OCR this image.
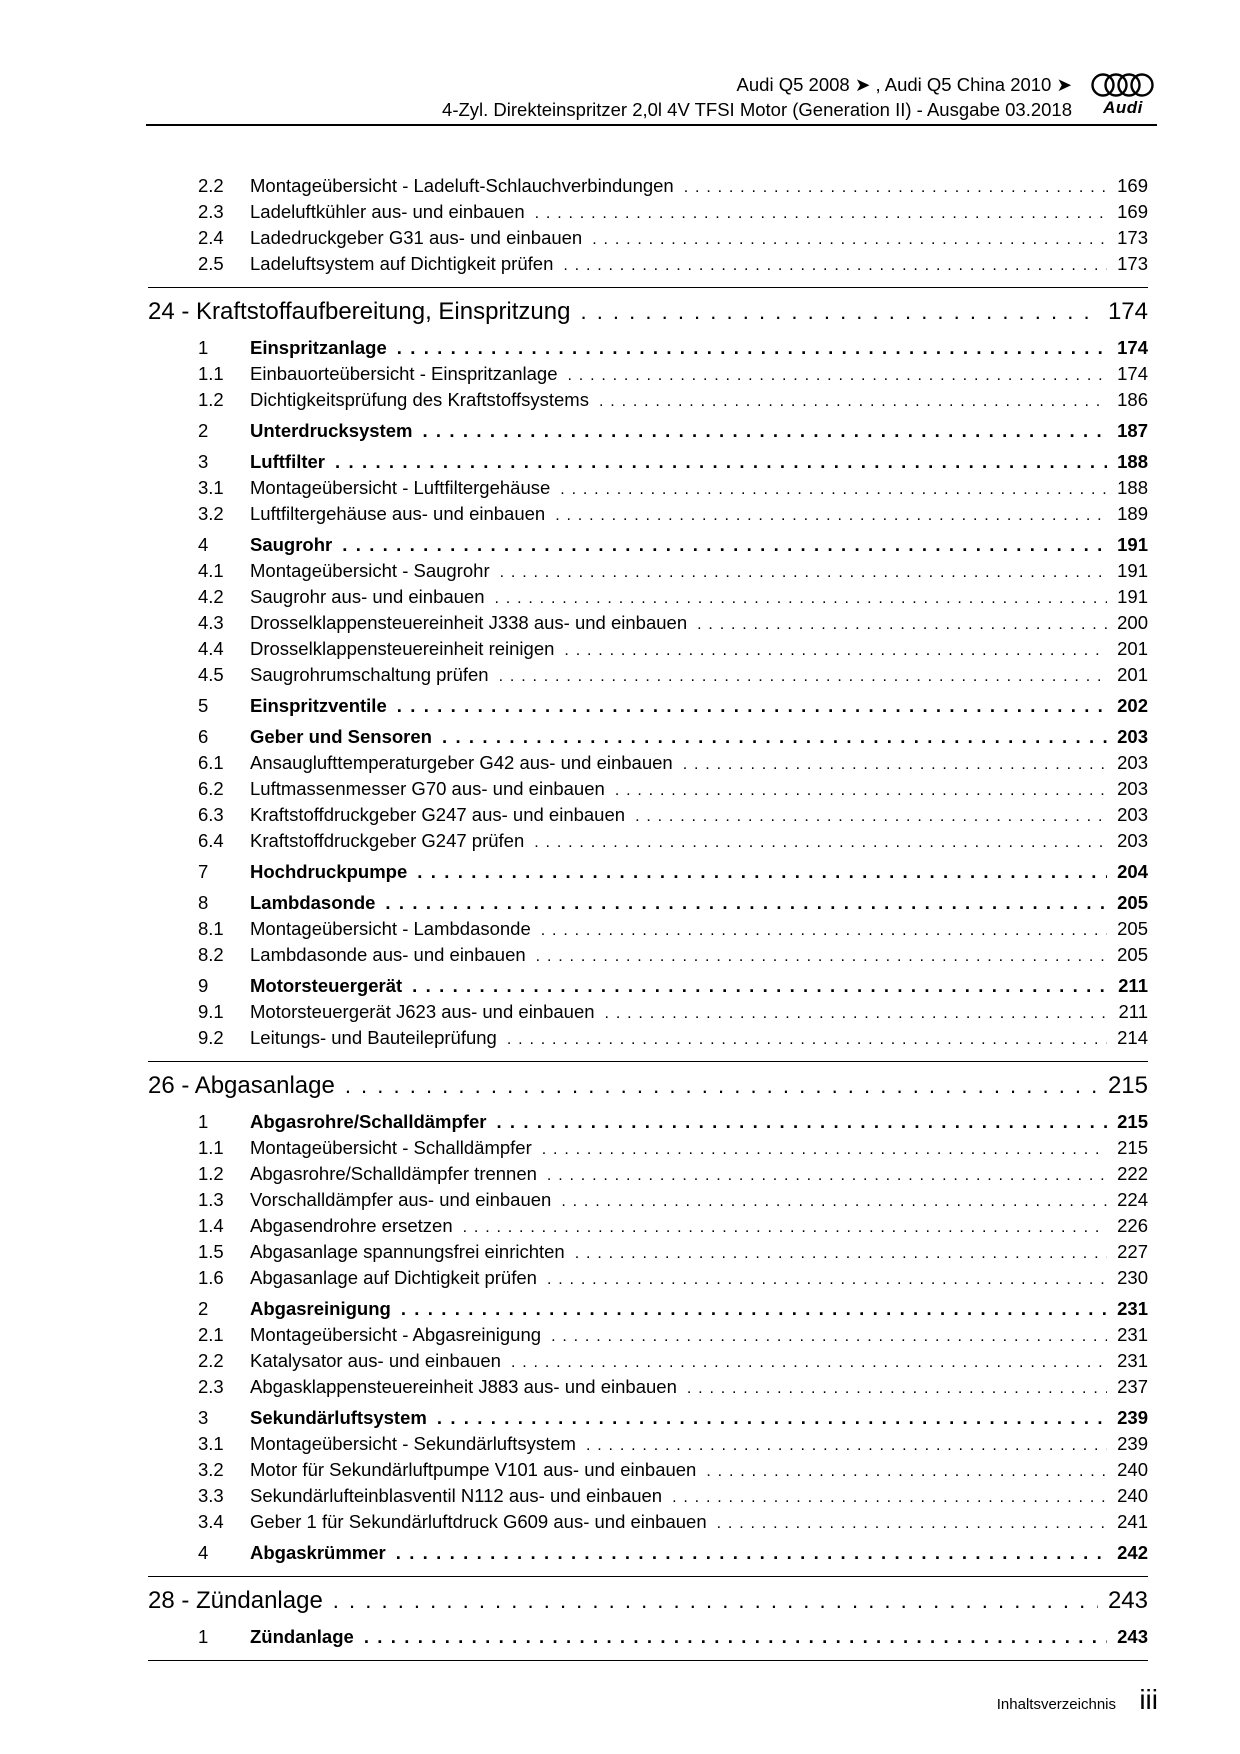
Audi Q5 2008 ➤ , Audi Q5 China 2010 ➤
4-Zyl. Direkteinspritzer 2,0l 4V TFSI Motor (Generation II) - Ausgabe 03.2018	Audi
2.2	Montageübersicht - Ladeluft-Schlauchverbindungen . . .	169
2.3	Ladeluftkühler aus- und einbauen . . .	169
2.4	Ladedruckgeber G31 aus- und einbauen . . .	173
2.5	Ladeluftsystem auf Dichtigkeit prüfen . . .	173
24 - Kraftstoffaufbereitung, Einspritzung . . .	174
1	Einspritzanlage . . .	174
1.1	Einbauorteübersicht - Einspritzanlage . . .	174
1.2	Dichtigkeitsprüfung des Kraftstoffsystems . . .	186
2	Unterdrucksystem . . .	187
3	Luftfilter . . .	188
3.1	Montageübersicht - Luftfiltergehäuse . . .	188
3.2	Luftfiltergehäuse aus- und einbauen . . .	189
4	Saugrohr . . .	191
4.1	Montageübersicht - Saugrohr . . .	191
4.2	Saugrohr aus- und einbauen . . .	191
4.3	Drosselklappensteuereinheit J338 aus- und einbauen . . .	200
4.4	Drosselklappensteuereinheit reinigen . . .	201
4.5	Saugrohrumschaltung prüfen . . .	201
5	Einspritzventile . . .	202
6	Geber und Sensoren . . .	203
6.1	Ansauglufttemperaturgeber G42 aus- und einbauen . . .	203
6.2	Luftmassenmesser G70 aus- und einbauen . . .	203
6.3	Kraftstoffdruckgeber G247 aus- und einbauen . . .	203
6.4	Kraftstoffdruckgeber G247 prüfen . . .	203
7	Hochdruckpumpe . . .	204
8	Lambdasonde . . .	205
8.1	Montageübersicht - Lambdasonde . . .	205
8.2	Lambdasonde aus- und einbauen . . .	205
9	Motorsteuergerät . . .	211
9.1	Motorsteuergerät J623 aus- und einbauen . . .	211
9.2	Leitungs- und Bauteileprüfung . . .	214
26 - Abgasanlage . . .	215
1	Abgasrohre/Schalldämpfer . . .	215
1.1	Montageübersicht - Schalldämpfer . . .	215
1.2	Abgasrohre/Schalldämpfer trennen . . .	222
1.3	Vorschalldämpfer aus- und einbauen . . .	224
1.4	Abgasendrohre ersetzen . . .	226
1.5	Abgasanlage spannungsfrei einrichten . . .	227
1.6	Abgasanlage auf Dichtigkeit prüfen . . .	230
2	Abgasreinigung . . .	231
2.1	Montageübersicht - Abgasreinigung . . .	231
2.2	Katalysator aus- und einbauen . . .	231
2.3	Abgasklappensteuereinheit J883 aus- und einbauen . . .	237
3	Sekundärluftsystem . . .	239
3.1	Montageübersicht - Sekundärluftsystem . . .	239
3.2	Motor für Sekundärluftpumpe V101 aus- und einbauen . . .	240
3.3	Sekundärlufteinblasventil N112 aus- und einbauen . . .	240
3.4	Geber 1 für Sekundärluftdruck G609 aus- und einbauen . . .	241
4	Abgaskrümmer . . .	242
28 - Zündanlage . . .	243
1	Zündanlage . . .	243
Inhaltsverzeichnis iii
